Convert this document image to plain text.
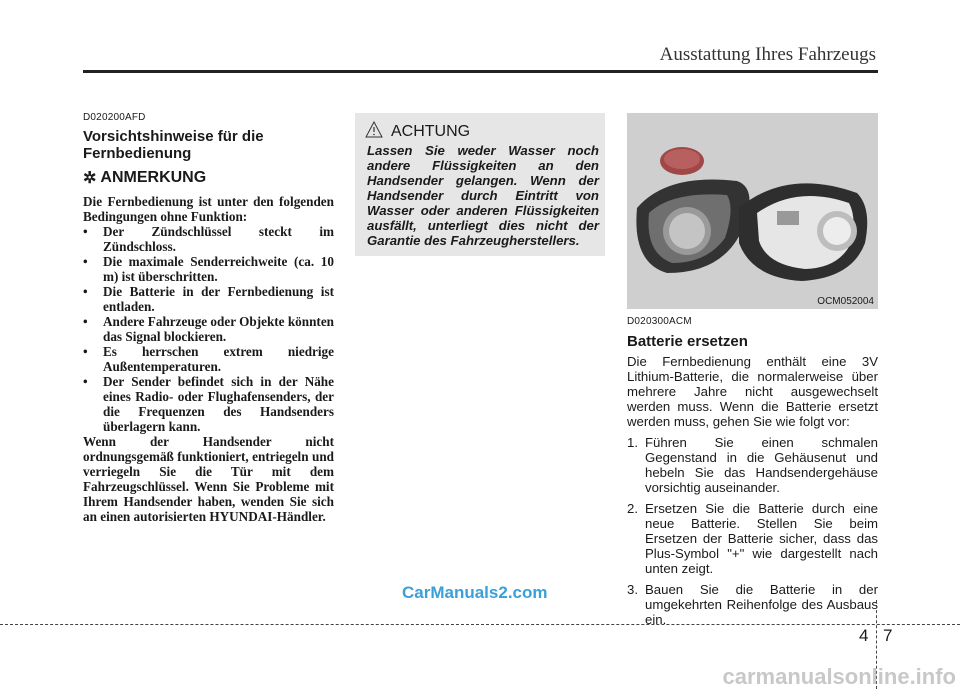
Ausstattung Ihres Fahrzeugs
D020200AFD
Vorsichtshinweise für die Fernbedienung
✲ ANMERKUNG
Die Fernbedienung ist unter den folgenden Bedingungen ohne Funktion:
• Der Zündschlüssel steckt im Zündschloss.
• Die maximale Senderreichweite (ca. 10 m) ist überschritten.
• Die Batterie in der Fernbedienung ist entladen.
• Andere Fahrzeuge oder Objekte könnten das Signal blockieren.
• Es herrschen extrem niedrige Außentemperaturen.
• Der Sender befindet sich in der Nähe eines Radio- oder Flughafensenders, der die Frequenzen des Handsenders überlagern kann.
Wenn der Handsender nicht ordnungsgemäß funktioniert, entriegeln und verriegeln Sie die Tür mit dem Fahrzeugschlüssel. Wenn Sie Probleme mit Ihrem Handsender haben, wenden Sie sich an einen autorisierten HYUNDAI-Händler.
ACHTUNG
Lassen Sie weder Wasser noch andere Flüssigkeiten an den Handsender gelangen. Wenn der Handsender durch Eintritt von Wasser oder anderen Flüssigkeiten ausfällt, unterliegt dies nicht der Garantie des Fahrzeugherstellers.
OCM052004
D020300ACM
Batterie ersetzen
Die Fernbedienung enthält eine 3V Lithium-Batterie, die normalerweise über mehrere Jahre nicht ausgewechselt werden muss. Wenn die Batterie ersetzt werden muss, gehen Sie wie folgt vor:
1. Führen Sie einen schmalen Gegenstand in die Gehäusenut und hebeln Sie das Handsendergehäuse vorsichtig auseinander.
2. Ersetzen Sie die Batterie durch eine neue Batterie. Stellen Sie beim Ersetzen der Batterie sicher, dass das Plus-Symbol "+" wie dargestellt nach unten zeigt.
3. Bauen Sie die Batterie in der umgekehrten Reihenfolge des Ausbaus ein.
CarManuals2.com
4 7
carmanualsonline.info
